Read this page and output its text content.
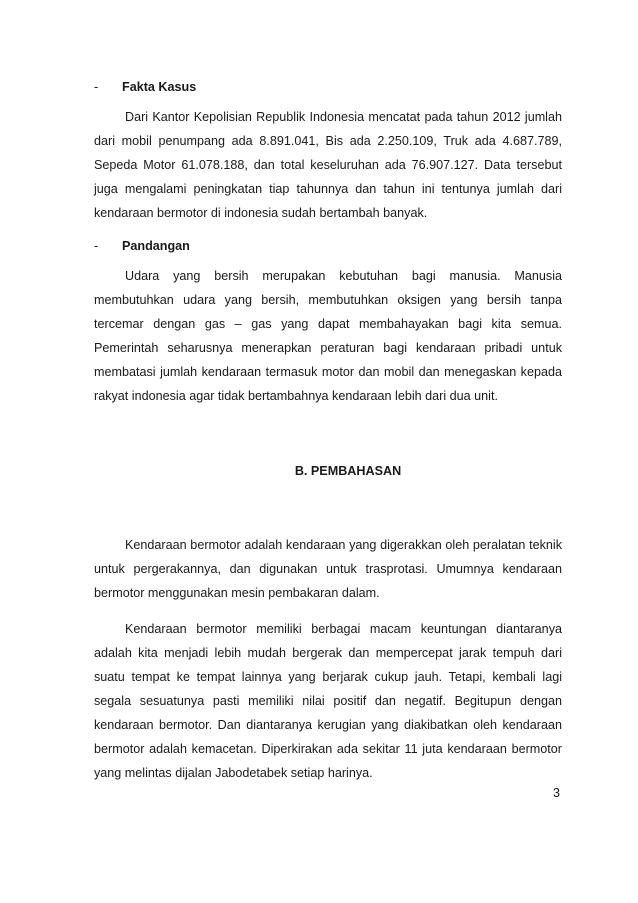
-	Fakta Kasus

Dari Kantor Kepolisian Republik Indonesia mencatat pada tahun 2012 jumlah dari mobil penumpang ada 8.891.041, Bis ada 2.250.109, Truk ada 4.687.789, Sepeda Motor 61.078.188, dan total keseluruhan ada 76.907.127. Data tersebut juga mengalami peningkatan tiap tahunnya dan tahun ini tentunya jumlah dari kendaraan bermotor di indonesia sudah bertambah banyak.

-	Pandangan

Udara yang bersih merupakan kebutuhan bagi manusia. Manusia membutuhkan udara yang bersih, membutuhkan oksigen yang bersih tanpa tercemar dengan gas – gas yang dapat membahayakan bagi kita semua. Pemerintah seharusnya menerapkan peraturan bagi kendaraan pribadi untuk membatasi jumlah kendaraan termasuk motor dan mobil dan menegaskan kepada rakyat indonesia agar tidak bertambahnya kendaraan lebih dari dua unit.

B. PEMBAHASAN

Kendaraan bermotor adalah kendaraan yang digerakkan oleh peralatan teknik untuk pergerakannya, dan digunakan untuk trasprotasi. Umumnya kendaraan bermotor menggunakan mesin pembakaran dalam.

Kendaraan bermotor memiliki berbagai macam keuntungan diantaranya adalah kita menjadi lebih mudah bergerak dan mempercepat jarak tempuh dari suatu tempat ke tempat lainnya yang berjarak cukup jauh. Tetapi, kembali lagi segala sesuatunya pasti memiliki nilai positif dan negatif. Begitupun dengan kendaraan bermotor. Dan diantaranya kerugian yang diakibatkan oleh kendaraan bermotor adalah kemacetan. Diperkirakan ada sekitar 11 juta kendaraan bermotor yang melintas dijalan Jabodetabek setiap harinya.

3
